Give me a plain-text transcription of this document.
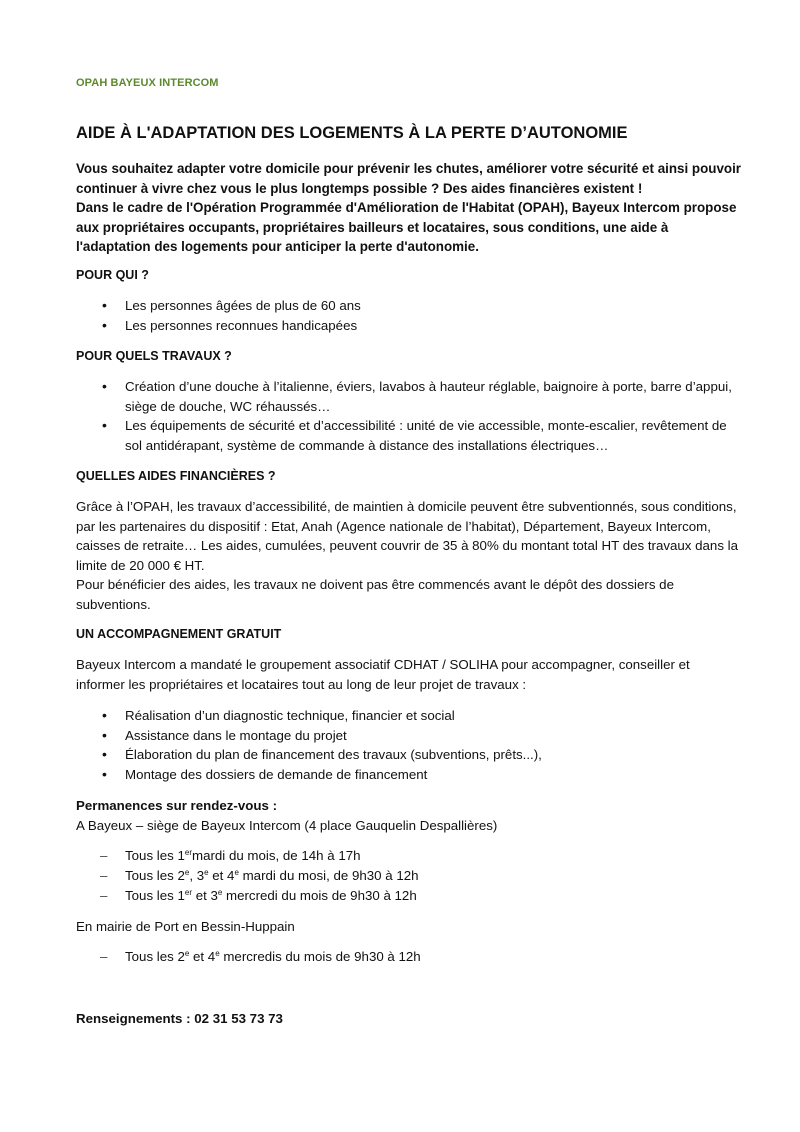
OPAH BAYEUX INTERCOM
AIDE À L'ADAPTATION DES LOGEMENTS À LA PERTE D’AUTONOMIE

Vous souhaitez adapter votre domicile pour prévenir les chutes, améliorer votre sécurité et ainsi pouvoir continuer à vivre chez vous le plus longtemps possible ? Des aides financières existent !

Dans le cadre de l'Opération Programmée d'Amélioration de l'Habitat (OPAH), Bayeux Intercom propose aux propriétaires occupants, propriétaires bailleurs et locataires, sous conditions, une aide à l'adaptation des logements pour anticiper la perte d'autonomie.

POUR QUI ?
• Les personnes âgées de plus de 60 ans
• Les personnes reconnues handicapées
POUR QUELS TRAVAUX ?
• Création d’une douche à l’italienne, éviers, lavabos à hauteur réglable, baignoire à porte, barre d’appui, siège de douche, WC réhaussés…
• Les équipements de sécurité et d’accessibilité : unité de vie accessible, monte-escalier, revêtement de sol antidérapant, système de commande à distance des installations électriques…
QUELLES AIDES FINANCIÈRES ?

Grâce à l’OPAH, les travaux d’accessibilité, de maintien à domicile peuvent être subventionnés, sous conditions, par les partenaires du dispositif : Etat, Anah (Agence nationale de l’habitat), Département, Bayeux Intercom, caisses de retraite… Les aides, cumulées, peuvent couvrir de 35 à 80% du montant total HT des travaux dans la limite de 20 000 € HT.

Pour bénéficier des aides, les travaux ne doivent pas être commencés avant le dépôt des dossiers de subventions.

UN ACCOMPAGNEMENT GRATUIT
Bayeux Intercom a mandaté le groupement associatif CDHAT / SOLIHA pour accompagner, conseiller et informer les propriétaires et locataires tout au long de leur projet de travaux :
• Réalisation d’un diagnostic technique, financier et social
• Assistance dans le montage du projet
• Élaboration du plan de financement des travaux (subventions, prêts...),
• Montage des dossiers de demande de financement
Permanences sur rendez-vous :
A Bayeux – siège de Bayeux Intercom (4 place Gauquelin Despallières)
– Tous les 1ermardi du mois, de 14h à 17h
– Tous les 2e, 3e et 4e mardi du mosi, de 9h30 à 12h
– Tous les 1er et 3e mercredi du mois de 9h30 à 12h
En mairie de Port en Bessin-Huppain
– Tous les 2e et 4e mercredis du mois de 9h30 à 12h
Renseignements : 02 31 53 73 73
